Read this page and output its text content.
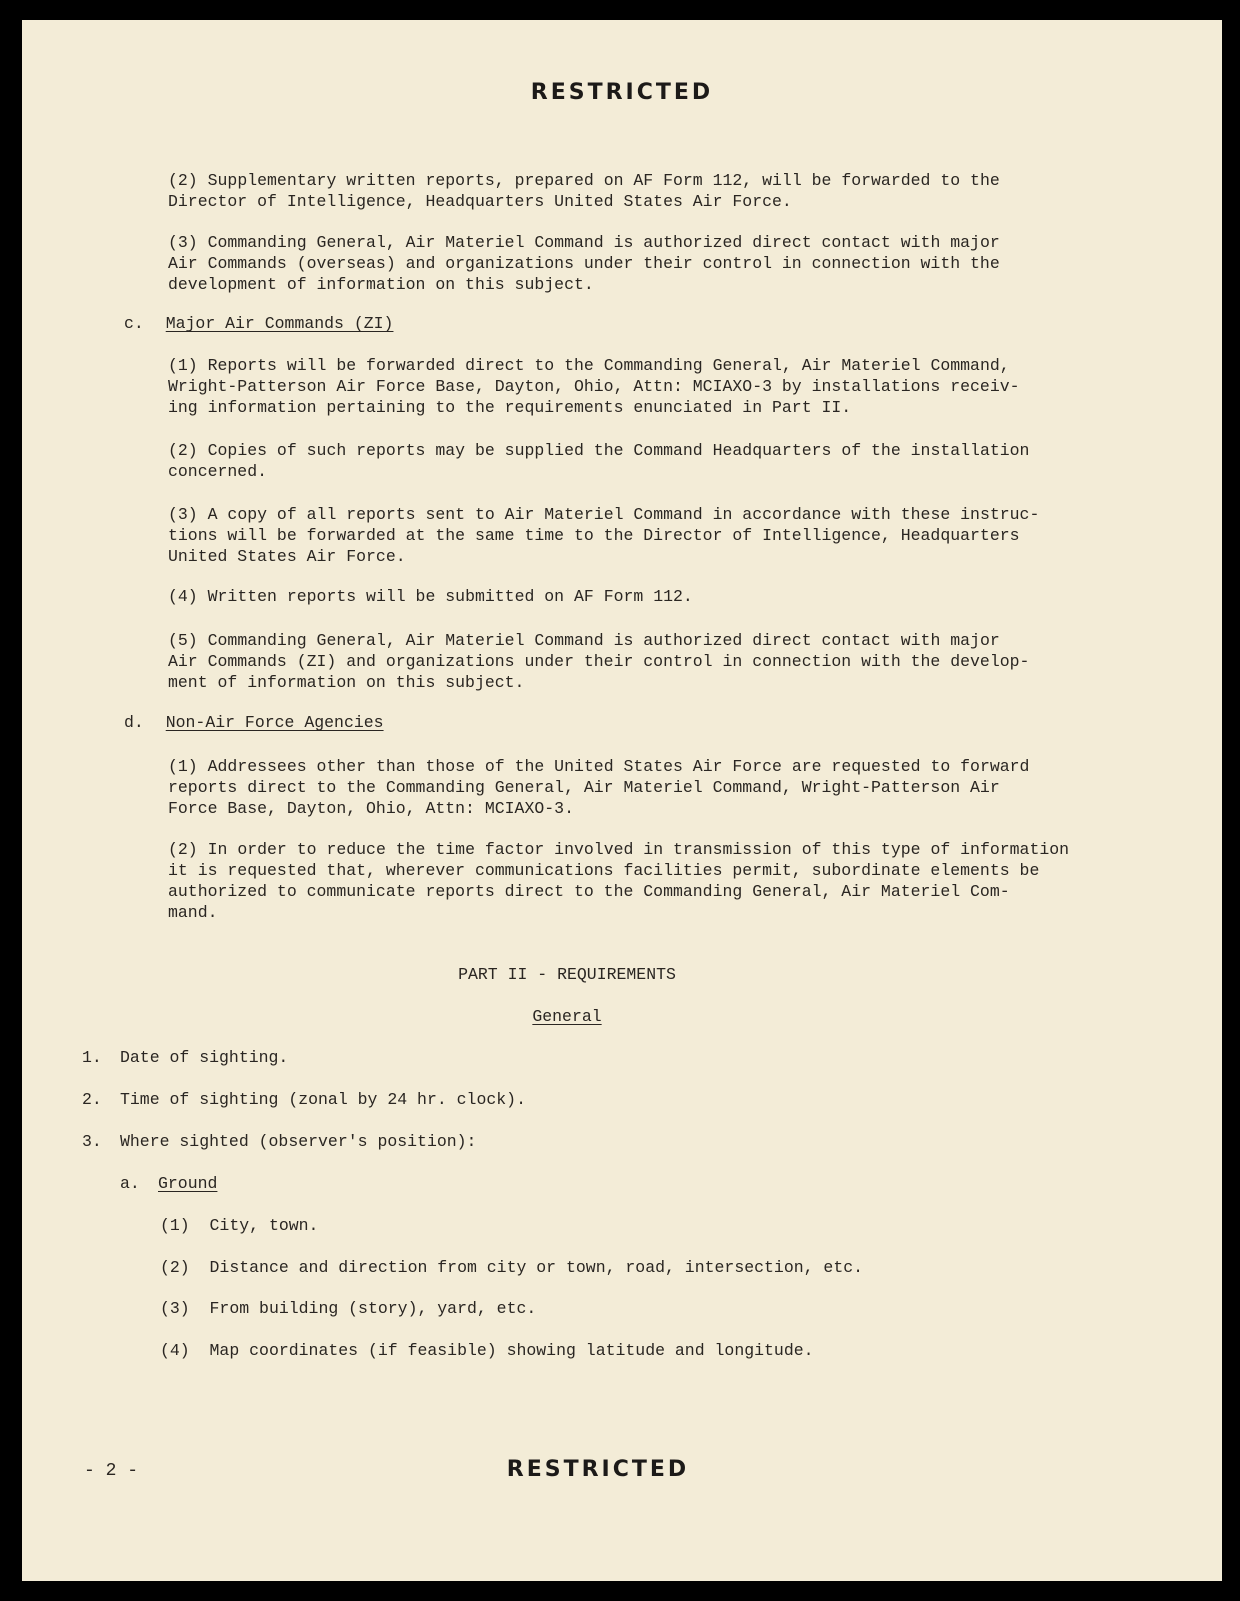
RESTRICTED
(2) Supplementary written reports, prepared on AF Form 112, will be forwarded to the
Director of Intelligence, Headquarters United States Air Force.
(3) Commanding General, Air Materiel Command is authorized direct contact with major
Air Commands (overseas) and organizations under their control in connection with the
development of information on this subject.
c. Major Air Commands (ZI)
(1) Reports will be forwarded direct to the Commanding General, Air Materiel Command,
Wright-Patterson Air Force Base, Dayton, Ohio, Attn: MCIAXO-3 by installations receiv-
ing information pertaining to the requirements enunciated in Part II.
(2) Copies of such reports may be supplied the Command Headquarters of the installation
concerned.
(3) A copy of all reports sent to Air Materiel Command in accordance with these instruc-
tions will be forwarded at the same time to the Director of Intelligence, Headquarters
United States Air Force.
(4) Written reports will be submitted on AF Form 112.
(5) Commanding General, Air Materiel Command is authorized direct contact with major
Air Commands (ZI) and organizations under their control in connection with the develop-
ment of information on this subject.
d. Non-Air Force Agencies
(1) Addressees other than those of the United States Air Force are requested to forward
reports direct to the Commanding General, Air Materiel Command, Wright-Patterson Air
Force Base, Dayton, Ohio, Attn: MCIAXO-3.
(2) In order to reduce the time factor involved in transmission of this type of information
it is requested that, wherever communications facilities permit, subordinate elements be
authorized to communicate reports direct to the Commanding General, Air Materiel Com-
mand.
PART II - REQUIREMENTS
General
1. Date of sighting.
2. Time of sighting (zonal by 24 hr. clock).
3. Where sighted (observer's position):
a. Ground
(1) City, town.
(2) Distance and direction from city or town, road, intersection, etc.
(3) From building (story), yard, etc.
(4) Map coordinates (if feasible) showing latitude and longitude.
- 2 -	RESTRICTED
